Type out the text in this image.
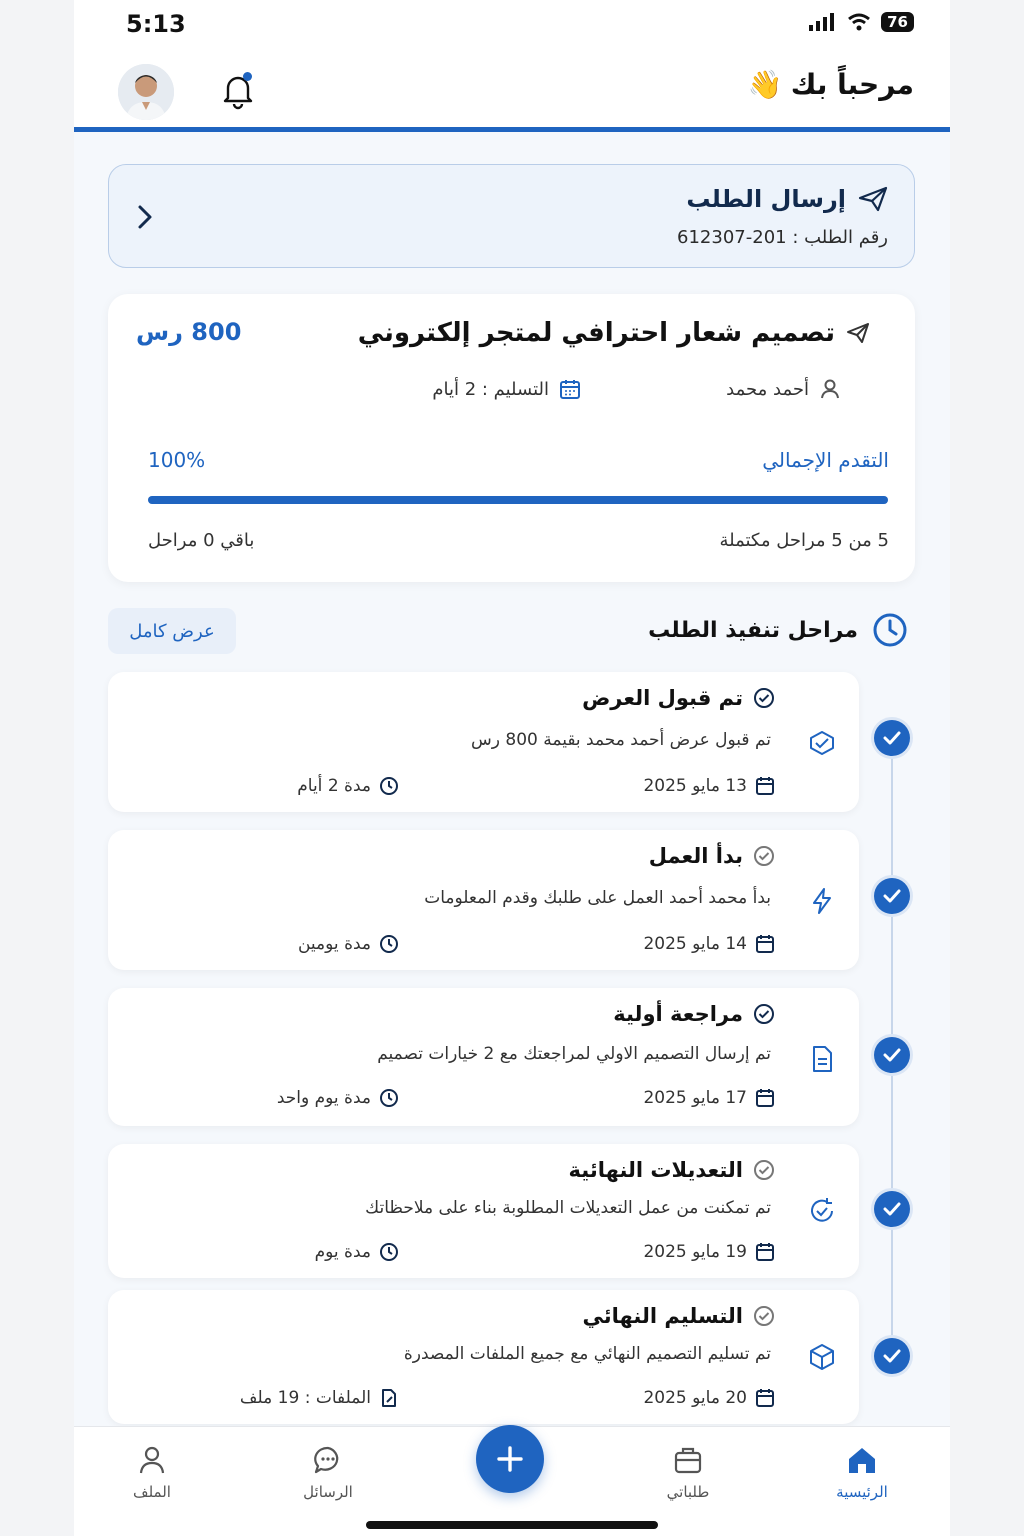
5:13	76
مرحباً بك
👋
إرسال الطلب
رقم الطلب : 201-612307
تصميم شعار احترافي لمتجر إلكتروني
800 رس
أحمد محمد
التسليم : 2 أيام
التقدم الإجمالي
100%
5 من 5 مراحل مكتملة
باقي 0 مراحل
مراحل تنفيذ الطلب
عرض كامل
تم قبول العرض
تم قبول عرض أحمد محمد بقيمة 800 رس
13 مايو 2025
مدة 2 أيام
بدأ العمل
بدأ محمد أحمد العمل على طلبك وقدم المعلومات
14 مايو 2025
مدة يومين
مراجعة أولية
تم إرسال التصميم الاولي لمراجعتك مع 2 خيارات تصميم
17 مايو 2025
مدة يوم واحد
التعديلات النهائية
تم تمكنت من عمل التعديلات المطلوبة بناء على ملاحظاتك
19 مايو 2025
مدة يوم
التسليم النهائي
تم تسليم التصميم النهائي مع جميع الملفات المصدرة
20 مايو 2025
الملفات : 19 ملف
الرئيسية
طلباتي
الرسائل
الملف
